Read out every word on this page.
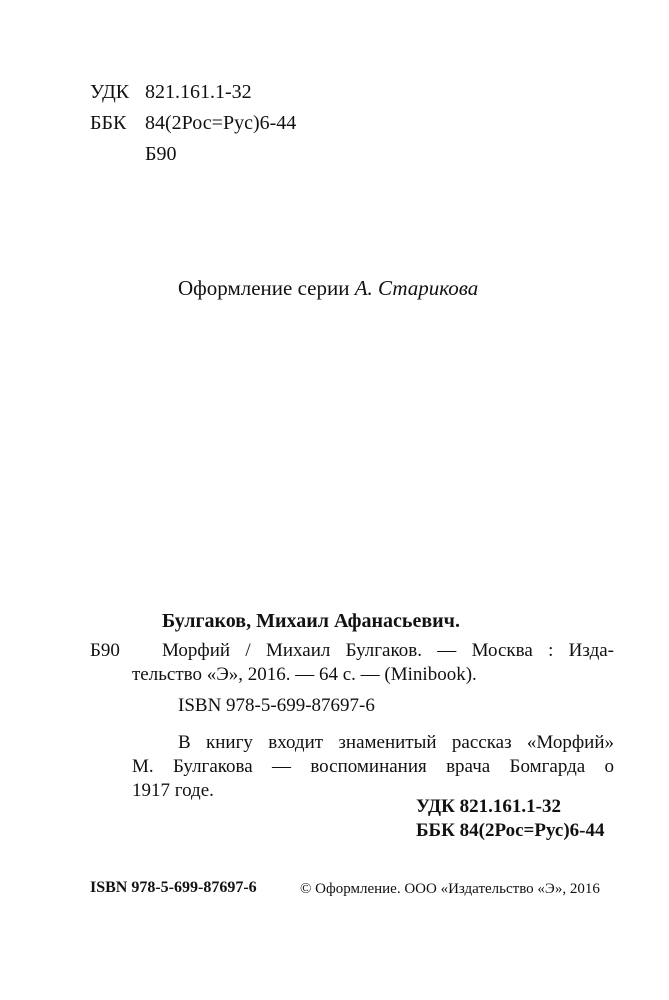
УДК 821.161.1-32
ББК 84(2Рос=Рус)6-44
Б90
Оформление серии А. Старикова
Булгаков, Михаил Афанасьевич.
Б90 Морфий / Михаил Булгаков. — Москва : Изда-
тельство «Э», 2016. — 64 с. — (Minibook).
ISBN 978-5-699-87697-6
В книгу входит знаменитый рассказ «Морфий»
М. Булгакова — воспоминания врача Бомгарда о
1917 годе.
УДК 821.161.1-32
ББК 84(2Рос=Рус)6-44
ISBN 978-5-699-87697-6	© Оформление. ООО «Издательство «Э», 2016
